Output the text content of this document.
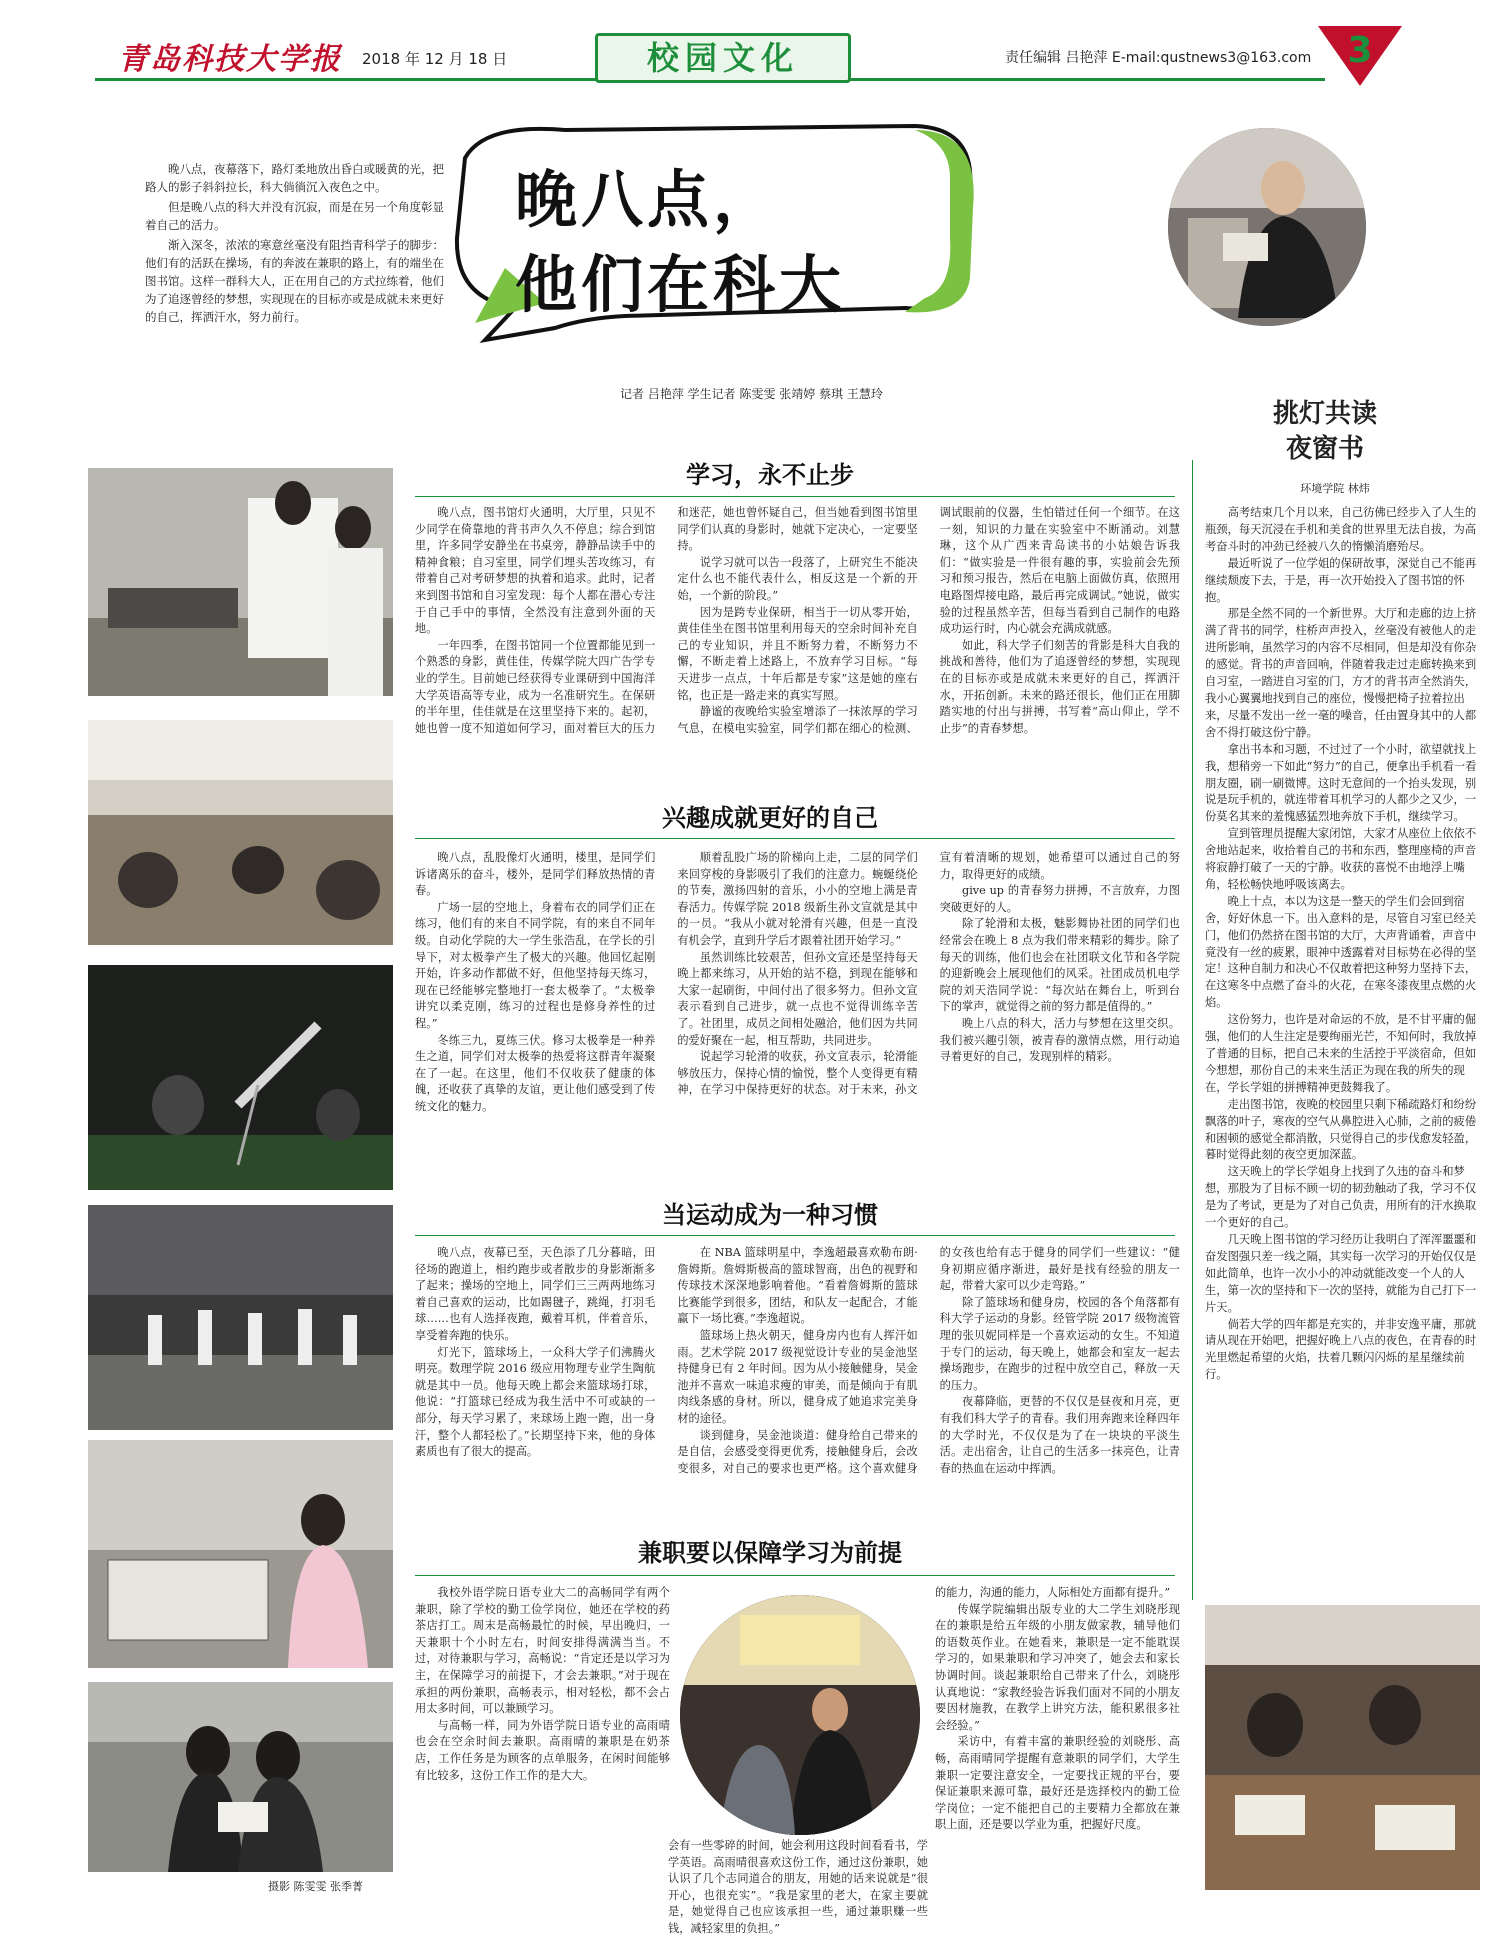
青岛科技大学报 2018 年 12 月 18 日	校园文化	责任编辑 吕艳萍 E-mail:qustnews3@163.com 3

晚八点，夜幕落下，路灯柔地放出昏白或暖黄的光，把路人的影子斜斜拉长，科大倘徜沉入夜色之中。

但是晚八点的科大并没有沉寂，而是在另一个角度彰显着自己的活力。

渐入深冬，浓浓的寒意丝毫没有阻挡青科学子的脚步：他们有的活跃在操场，有的奔波在兼职的路上，有的端坐在图书馆。这样一群科大人，正在用自己的方式拉练着，他们为了追逐曾经的梦想，实现现在的目标亦或是成就未来更好的自己，挥洒汗水，努力前行。

晚八点，
他们在科大
记者 吕艳萍 学生记者 陈雯雯 张靖婷 蔡琪 王慧玲
挑灯共读
夜窗书
环境学院 林炜

高考结束几个月以来，自己彷佛已经步入了人生的瓶颈，每天沉浸在手机和美食的世界里无法自拔，为高考奋斗时的冲劲已经被八久的惰懒消磨殆尽。

最近听说了一位学姐的保研故事，深觉自己不能再继续颓废下去，于是，再一次开始投入了图书馆的怀抱。

那是全然不同的一个新世界。大厅和走廊的边上挤满了背书的同学，柱桥声声投入，丝毫没有被他人的走进所影响，虽然学习的内容不尽相同，但是却没有你杂的感觉。背书的声音回响，伴随着我走过走廊转换来到自习室，一踏进自习室的门，方才的背书声全然消失，我小心翼翼地找到自己的座位，慢慢把椅子拉着拉出来，尽量不发出一丝一毫的噪音，任由置身其中的人都舍不得打破这份宁静。

拿出书本和习题，不过过了一个小时，欲望就找上我，想稍旁一下如此“努力”的自己，便拿出手机看一看朋友圈，刷一刷微博。这时无意间的一个抬头发现，别说是玩手机的，就连带着耳机学习的人都少之又少，一份莫名其来的羞愧感猛烈地奔放下手机，继续学习。

宣到管理员提醒大家闭馆，大家才从座位上依依不舍地站起来，收拾着自己的书和东西，整理座椅的声音将寂静打破了一天的宁静。收获的喜悦不由地浮上嘴角，轻松畅快地呼吸该离去。

晚上十点，本以为这是一整天的学生们会回到宿舍，好好休息一下。出入意料的是，尽管自习室已经关门，他们仍然挤在图书馆的大厅，大声背诵着，声音中竟没有一丝的疲累，眼神中透露着对目标势在必得的坚定！这种自制力和决心不仅敢着把这种努力坚持下去，在这寒冬中点燃了奋斗的火花，在寒冬漆夜里点燃的火焰。

这份努力，也许是对命运的不放，是不甘平庸的倔强，他们的人生注定是要绚丽光芒，不知何时，我放掉了普通的目标，把自己未来的生活控于平淡宿命，但如今想想，那份自己的未来生活正为现在我的所失的现在，学长学姐的拼搏精神更鼓舞我了。

走出图书馆，夜晚的校园里只剩下稀疏路灯和纷纷飘落的叶子，寒夜的空气从鼻腔进入心肺，之前的疲倦和困顿的感觉全都消散，只觉得自己的步伐愈发轻盈，暮时觉得此刻的夜空更加深蓝。

这天晚上的学长学姐身上找到了久违的奋斗和梦想，那股为了目标不顾一切的韧劲触动了我，学习不仅是为了考试，更是为了对自己负责，用所有的汗水换取一个更好的自己。

几天晚上图书馆的学习经历让我明白了浑浑噩噩和奋发图强只差一线之隔，其实每一次学习的开始仅仅是如此简单，也许一次小小的冲动就能改变一个人的人生，第一次的坚持和下一次的坚持，就能为自己打下一片天。

倘若大学的四年都是充实的，并非安逸平庸，那就请从现在开始吧，把握好晚上八点的夜色，在青春的时光里燃起希望的火焰，扶着几颗闪闪烁的星星继续前行。

学习，永不止步

晚八点，图书馆灯火通明，大厅里，只见不少同学在倚靠地的背书声久久不停息；综合到馆里，许多同学安静坐在书桌旁，静静品读手中的精神食粮；自习室里，同学们埋头苦攻练习，有带着自己对考研梦想的执着和追求。此时，记者来到图书馆和自习室发现：每个人都在潜心专注于自己手中的事情，全然没有注意到外面的天地。

一年四季，在图书馆同一个位置都能见到一个熟悉的身影，黄佳佳，传媒学院大四广告学专业的学生。目前她已经获得专业课研到中国海洋大学英语高等专业，成为一名准研究生。在保研的半年里，佳佳就是在这里坚持下来的。起初，她也曾一度不知道如何学习，面对着巨大的压力和迷茫，她也曾怀疑自己，但当她看到图书馆里同学们认真的身影时，她就下定决心，一定要坚持。

说学习就可以告一段落了，上研究生不能决定什么也不能代表什么，相反这是一个新的开始，一个新的阶段。”

因为是跨专业保研，相当于一切从零开始，黄佳佳坐在图书馆里利用每天的空余时间补充自己的专业知识，并且不断努力着，不断努力不懈，不断走着上述路上，不放弃学习目标。“每天进步一点点，十年后都是专家”这是她的座右铭，也正是一路走来的真实写照。

静谧的夜晚给实验室增添了一抹浓厚的学习气息，在模电实验室，同学们都在细心的检测、调试眼前的仪器，生怕错过任何一个细节。在这一刻，知识的力量在实验室中不断涌动。刘慧琳，这个从广西来青岛读书的小姑娘告诉我们：“做实验是一件很有趣的事，实验前会先预习和预习报告，然后在电脑上面做仿真，依照用电路图焊接电路，最后再完成调试。”她说，做实验的过程虽然辛苦，但每当看到自己制作的电路成功运行时，内心就会充满成就感。

如此，科大学子们刻苦的背影是科大自我的挑战和善待，他们为了追逐曾经的梦想，实现现在的目标亦或是成就未来更好的自己，挥洒汗水，开拓创新。未来的路还很长，他们正在用脚踏实地的付出与拼搏，书写着“高山仰止，学不止步”的青春梦想。

兴趣成就更好的自己

晚八点，乱股像灯火通明，楼里，是同学们诉诸离乐的奋斗，楼外，是同学们释放热情的青春。

广场一层的空地上，身着布衣的同学们正在练习，他们有的来自不同学院，有的来自不同年级。自动化学院的大一学生张浩乱，在学长的引导下，对太极拳产生了极大的兴趣。他回忆起刚开始，许多动作都做不好，但他坚持每天练习，现在已经能够完整地打一套太极拳了。“太极拳讲究以柔克刚，练习的过程也是修身养性的过程。”

冬练三九，夏练三伏。修习太极拳是一种养生之道，同学们对太极拳的热爱将这群青年凝聚在了一起。在这里，他们不仅收获了健康的体魄，还收获了真挚的友谊，更让他们感受到了传统文化的魅力。

顺着乱股广场的阶梯向上走，二层的同学们来回穿梭的身影吸引了我们的注意力。蜿蜒绕伦的节奏，激扬四射的音乐，小小的空地上满是青春活力。传媒学院 2018 级新生孙文宣就是其中的一员。“我从小就对轮滑有兴趣，但是一直没有机会学，直到升学后才跟着社团开始学习。”

虽然训练比较艰苦，但孙文宣还是坚持每天晚上都来练习，从开始的站不稳，到现在能够和大家一起刷街，中间付出了很多努力。但孙文宣表示看到自己进步，就一点也不觉得训练辛苦了。社团里，成员之间相处融洽，他们因为共同的爱好聚在一起，相互帮助，共同进步。

说起学习轮滑的收获，孙文宣表示，轮滑能够放压力，保持心情的愉悦，整个人变得更有精神，在学习中保持更好的状态。对于未来，孙文宣有着清晰的规划，她希望可以通过自己的努力，取得更好的成绩。

give up 的青春努力拼搏，不言放弃，力图突破更好的人。

除了轮滑和太极，魅影舞协社团的同学们也经常会在晚上 8 点为我们带来精彩的舞步。除了每天的训练，他们也会在社团联文化节和各学院的迎新晚会上展现他们的风采。社团成员机电学院的刘天浩同学说：“每次站在舞台上，听到台下的掌声，就觉得之前的努力都是值得的。”

晚上八点的科大，活力与梦想在这里交织。我们被兴趣引领，被青春的激情点燃，用行动追寻着更好的自己，发现别样的精彩。

当运动成为一种习惯

晚八点，夜幕已至，天色添了几分暮暗，田径场的跑道上，相约跑步或者散步的身影渐渐多了起来；操场的空地上，同学们三三两两地练习着自己喜欢的运动，比如踢毽子，跳绳，打羽毛球……也有人选择夜跑，戴着耳机，伴着音乐，享受着奔跑的快乐。

灯光下，篮球场上，一众科大学子们沸腾火明亮。数理学院 2016 级应用物理专业学生陶航就是其中一员。他每天晚上都会来篮球场打球，他说：“打篮球已经成为我生活中不可或缺的一部分，每天学习累了，来球场上跑一跑，出一身汗，整个人都轻松了。”长期坚持下来，他的身体素质也有了很大的提高。

在 NBA 篮球明星中，李逸超最喜欢勒布朗·詹姆斯。詹姆斯极高的篮球智商，出色的视野和传球技术深深地影响着他。“看着詹姆斯的篮球比赛能学到很多，团结，和队友一起配合，才能赢下一场比赛。”李逸超说。

篮球场上热火朝天，健身房内也有人挥汗如雨。艺术学院 2017 级视觉设计专业的吴金池坚持健身已有 2 年时间。因为从小接触健身，吴金池并不喜欢一味追求瘦的审美，而是倾向于有肌肉线条感的身材。所以，健身成了她追求完美身材的途径。

谈到健身，吴金池谈道：健身给自己带来的是自信，会感受变得更优秀，接触健身后，会改变很多，对自己的要求也更严格。这个喜欢健身的女孩也给有志于健身的同学们一些建议：“健身初期应循序渐进，最好是找有经验的朋友一起，带着大家可以少走弯路。”

除了篮球场和健身房，校园的各个角落都有科大学子运动的身影。经管学院 2017 级物流管理的张贝妮同样是一个喜欢运动的女生。不知道于专门的运动，每天晚上，她都会和室友一起去操场跑步，在跑步的过程中放空自己，释放一天的压力。

夜幕降临，更替的不仅仅是昼夜和月亮，更有我们科大学子的青春。我们用奔跑来诠释四年的大学时光，不仅仅是为了在一块块的平淡生活。走出宿舍，让自己的生活多一抹亮色，让青春的热血在运动中挥洒。

兼职要以保障学习为前提

我校外语学院日语专业大二的高畅同学有两个兼职，除了学校的勤工俭学岗位，她还在学校的药茶店打工。周末是高畅最忙的时候，早出晚归，一天兼职十个小时左右，时间安排得满满当当。不过，对待兼职与学习，高畅说：“肯定还是以学习为主，在保障学习的前提下，才会去兼职。”对于现在承担的两份兼职，高畅表示，相对轻松，都不会占用太多时间，可以兼顾学习。

与高畅一样，同为外语学院日语专业的高雨晴也会在空余时间去兼职。高雨晴的兼职是在奶茶店，工作任务是为顾客的点单服务，在闲时间能够有比较多，这份工作工作的是大大。

会有一些零碎的时间，她会利用这段时间看看书，学学英语。高雨晴很喜欢这份工作，通过这份兼职，她认识了几个志同道合的朋友，用她的话来说就是“很开心，也很充实”。“我是家里的老大，在家主要就是，她觉得自己也应该承担一些，通过兼职赚一些钱，减轻家里的负担。”

的能力，沟通的能力，人际相处方面都有提升。”

传媒学院编辑出版专业的大二学生刘晓彤现在的兼职是给五年级的小朋友做家教，辅导他们的语数英作业。在她看来，兼职是一定不能耽误学习的，如果兼职和学习冲突了，她会去和家长协调时间。谈起兼职给自己带来了什么，刘晓彤认真地说：“家教经验告诉我们面对不同的小朋友要因材施教，在教学上讲究方法，能积累很多社会经验。”

采访中，有着丰富的兼职经验的刘晓彤、高畅，高雨晴同学提醒有意兼职的同学们，大学生兼职一定要注意安全，一定要找正规的平台，要保证兼职来源可靠，最好还是选择校内的勤工俭学岗位；一定不能把自己的主要精力全都放在兼职上面，还是要以学业为重，把握好尺度。

摄影 陈雯雯 张季菁
